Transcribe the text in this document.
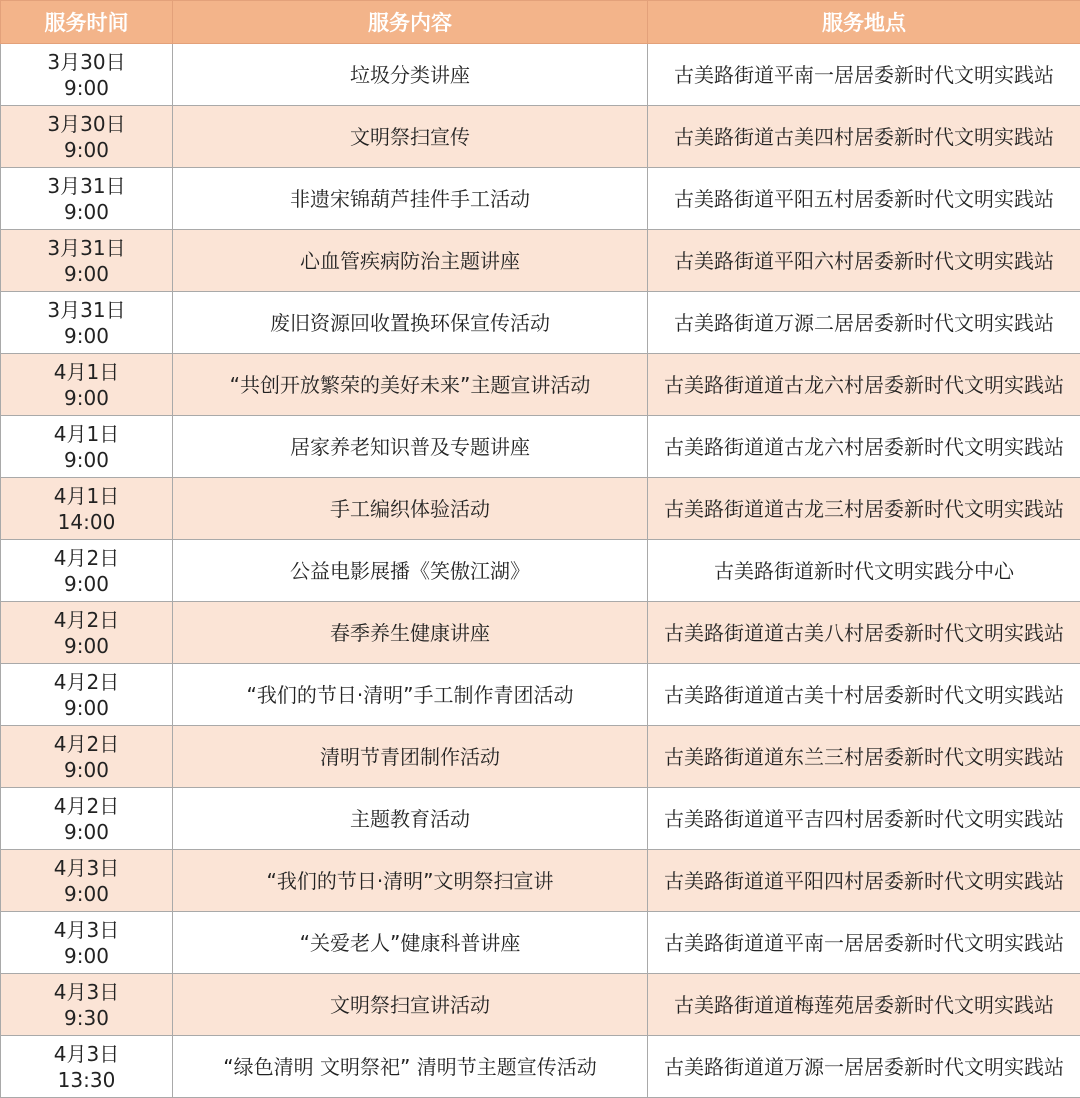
服务时间	服务内容	服务地点

3月30日
9:00	垃圾分类讲座	古美路街道平南一居居委新时代文明实践站

3月30日
9:00	文明祭扫宣传	古美路街道古美四村居委新时代文明实践站

3月31日
9:00	非遗宋锦葫芦挂件手工活动	古美路街道平阳五村居委新时代文明实践站

3月31日
9:00	心血管疾病防治主题讲座	古美路街道平阳六村居委新时代文明实践站

3月31日
9:00	废旧资源回收置换环保宣传活动	古美路街道万源二居居委新时代文明实践站

4月1日
9:00	“共创开放繁荣的美好未来”主题宣讲活动	古美路街道道古龙六村居委新时代文明实践站

4月1日
9:00	居家养老知识普及专题讲座	古美路街道道古龙六村居委新时代文明实践站

4月1日
14:00	手工编织体验活动	古美路街道道古龙三村居委新时代文明实践站

4月2日
9:00	公益电影展播《笑傲江湖》	古美路街道新时代文明实践分中心

4月2日
9:00	春季养生健康讲座	古美路街道道古美八村居委新时代文明实践站

4月2日
9:00	“我们的节日·清明”手工制作青团活动	古美路街道道古美十村居委新时代文明实践站

4月2日
9:00	清明节青团制作活动	古美路街道道东兰三村居委新时代文明实践站

4月2日
9:00	主题教育活动	古美路街道道平吉四村居委新时代文明实践站

4月3日
9:00	“我们的节日·清明”文明祭扫宣讲	古美路街道道平阳四村居委新时代文明实践站

4月3日
9:00	“关爱老人”健康科普讲座	古美路街道道平南一居居委新时代文明实践站

4月3日
9:30	文明祭扫宣讲活动	古美路街道道梅莲苑居委新时代文明实践站

4月3日
13:30	“绿色清明 文明祭祀” 清明节主题宣传活动	古美路街道道万源一居居委新时代文明实践站
